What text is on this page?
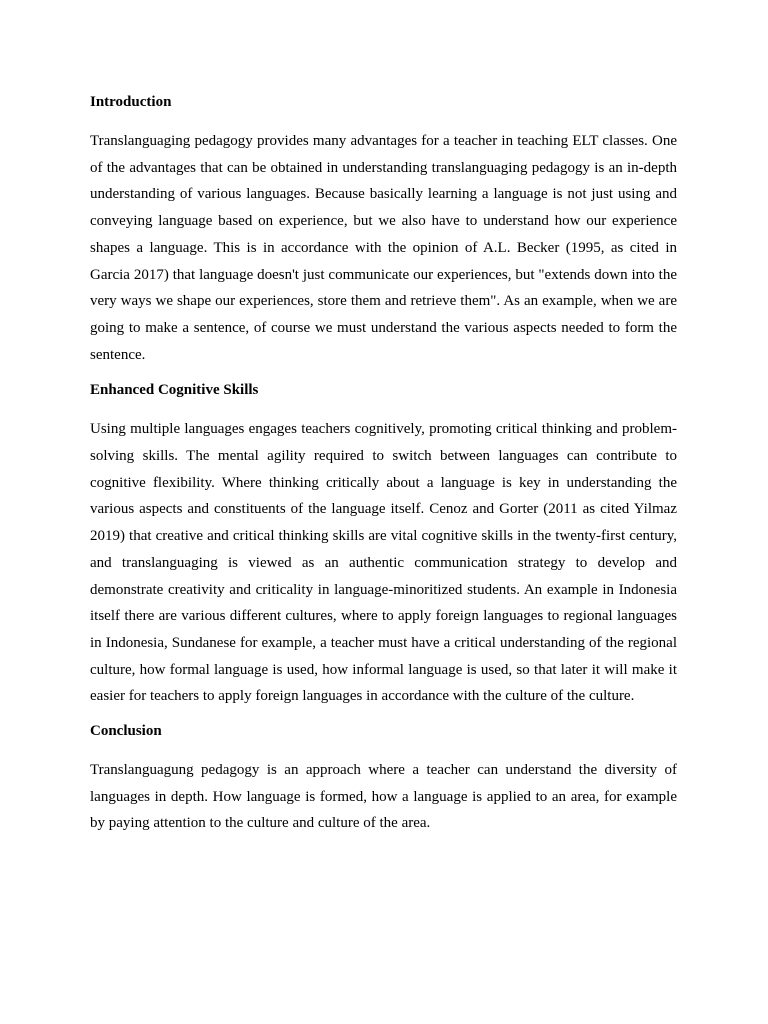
Introduction

Translanguaging pedagogy provides many advantages for a teacher in teaching ELT classes. One of the advantages that can be obtained in understanding translanguaging pedagogy is an in-depth understanding of various languages. Because basically learning a language is not just using and conveying language based on experience, but we also have to understand how our experience shapes a language. This is in accordance with the opinion of A.L. Becker (1995, as cited in Garcia 2017) that language doesn't just communicate our experiences, but "extends down into the very ways we shape our experiences, store them and retrieve them". As an example, when we are going to make a sentence, of course we must understand the various aspects needed to form the sentence.

Enhanced Cognitive Skills

Using multiple languages engages teachers cognitively, promoting critical thinking and problem-solving skills. The mental agility required to switch between languages can contribute to cognitive flexibility. Where thinking critically about a language is key in understanding the various aspects and constituents of the language itself. Cenoz and Gorter (2011 as cited Yilmaz 2019) that creative and critical thinking skills are vital cognitive skills in the twenty-first century, and translanguaging is viewed as an authentic communication strategy to develop and demonstrate creativity and criticality in language-minoritized students. An example in Indonesia itself there are various different cultures, where to apply foreign languages to regional languages in Indonesia, Sundanese for example, a teacher must have a critical understanding of the regional culture, how formal language is used, how informal language is used, so that later it will make it easier for teachers to apply foreign languages in accordance with the culture of the culture.

Conclusion

Translanguagung pedagogy is an approach where a teacher can understand the diversity of languages in depth. How language is formed, how a language is applied to an area, for example by paying attention to the culture and culture of the area.
